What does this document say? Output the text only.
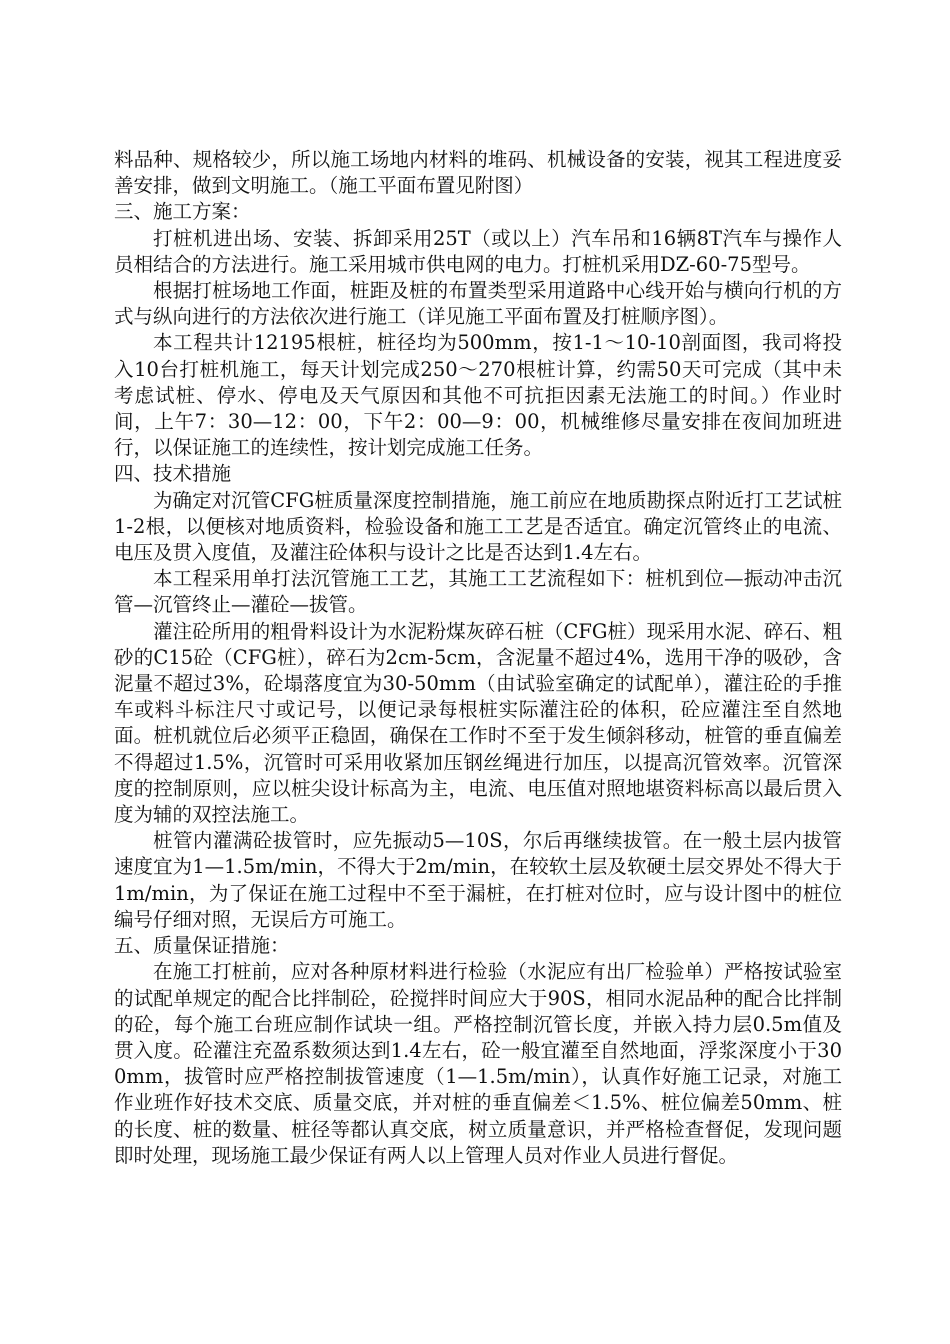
料品种、规格较少，所以施工场地内材料的堆码、机械设备的安装，视其工程进度妥善安排，做到文明施工。（施工平面布置见附图）

三、施工方案：

打桩机进出场、安装、拆卸采用25T（或以上）汽车吊和16辆8T汽车与操作人员相结合的方法进行。施工采用城市供电网的电力。打桩机采用DZ-60-75型号。

根据打桩场地工作面，桩距及桩的布置类型采用道路中心线开始与横向行机的方式与纵向进行的方法依次进行施工（详见施工平面布置及打桩顺序图）。

本工程共计12195根桩，桩径均为500mm，按1-1～10-10剖面图，我司将投入10台打桩机施工，每天计划完成250～270根桩计算，约需50天可完成（其中未考虑试桩、停水、停电及天气原因和其他不可抗拒因素无法施工的时间。）作业时间，上午7：30—12：00，下午2：00—9：00，机械维修尽量安排在夜间加班进行，以保证施工的连续性，按计划完成施工任务。

四、技术措施

为确定对沉管CFG桩质量深度控制措施，施工前应在地质勘探点附近打工艺试桩1-2根，以便核对地质资料，检验设备和施工工艺是否适宜。确定沉管终止的电流、电压及贯入度值，及灌注砼体积与设计之比是否达到1.4左右。

本工程采用单打法沉管施工工艺，其施工工艺流程如下：桩机到位—振动冲击沉管—沉管终止—灌砼—拔管。

灌注砼所用的粗骨料设计为水泥粉煤灰碎石桩（CFG桩）现采用水泥、碎石、粗砂的C15砼（CFG桩），碎石为2cm-5cm，含泥量不超过4%，选用干净的吸砂，含泥量不超过3%，砼塌落度宜为30-50mm（由试验室确定的试配单），灌注砼的手推车或料斗标注尺寸或记号，以便记录每根桩实际灌注砼的体积，砼应灌注至自然地面。桩机就位后必须平正稳固，确保在工作时不至于发生倾斜移动，桩管的垂直偏差不得超过1.5%，沉管时可采用收紧加压钢丝绳进行加压，以提高沉管效率。沉管深度的控制原则，应以桩尖设计标高为主，电流、电压值对照地堪资料标高以最后贯入度为辅的双控法施工。

桩管内灌满砼拔管时，应先振动5—10S，尔后再继续拔管。在一般土层内拔管速度宜为1—1.5m/min，不得大于2m/min，在较软土层及软硬土层交界处不得大于1m/min，为了保证在施工过程中不至于漏桩，在打桩对位时，应与设计图中的桩位编号仔细对照，无误后方可施工。

五、质量保证措施：

在施工打桩前，应对各种原材料进行检验（水泥应有出厂检验单）严格按试验室的试配单规定的配合比拌制砼，砼搅拌时间应大于90S，相同水泥品种的配合比拌制的砼，每个施工台班应制作试块一组。严格控制沉管长度，并嵌入持力层0.5m值及贯入度。砼灌注充盈系数须达到1.4左右，砼一般宜灌至自然地面，浮浆深度小于300mm，拔管时应严格控制拔管速度（1—1.5m/min），认真作好施工记录，对施工作业班作好技术交底、质量交底，并对桩的垂直偏差＜1.5%、桩位偏差50mm、桩的长度、桩的数量、桩径等都认真交底，树立质量意识，并严格检查督促，发现问题即时处理，现场施工最少保证有两人以上管理人员对作业人员进行督促。
